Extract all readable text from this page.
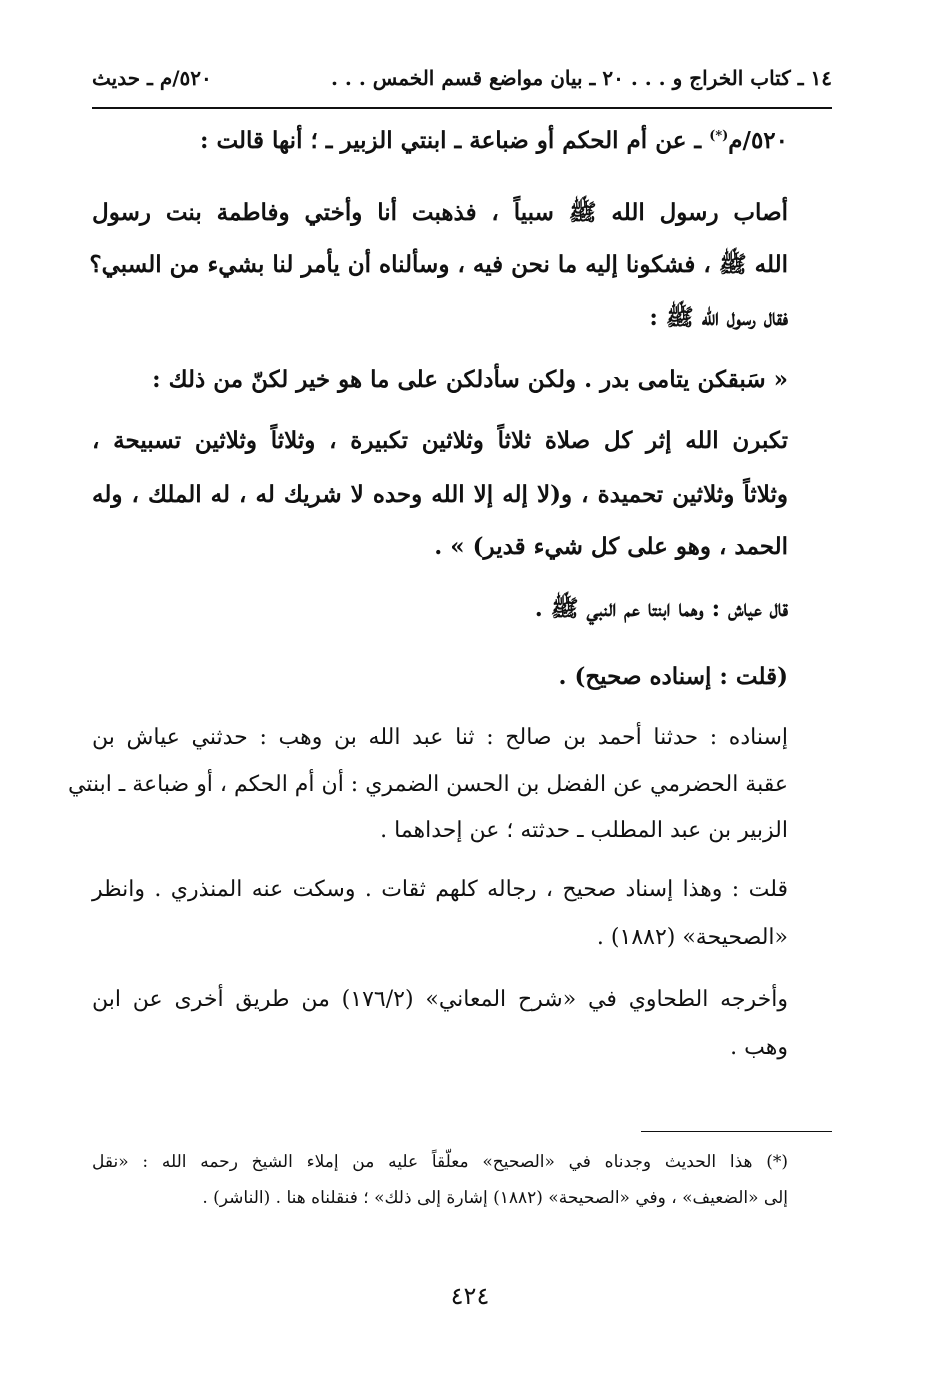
١٤ ـ كتاب الخراج و . . . ٢٠ ـ بيان مواضع قسم الخمس . . .
٥٢٠/م ـ حديث

٥٢٠/م(*) ـ عن أم الحكم أو ضباعة ـ ابنتي الزبير ـ ؛ أنها قالت :

أصاب رسول الله ﷺ سبياً ، فذهبت أنا وأختي وفاطمة بنت رسول

الله ﷺ ، فشكونا إليه ما نحن فيه ، وسألناه أن يأمر لنا بشيء من السبي؟

فقال رسول الله ﷺ :

« سَبقكن يتامى بدر . ولكن سأدلكن على ما هو خير لكنّ من ذلك :

تكبرن الله إثر كل صلاة ثلاثاً وثلاثين تكبيرة ، وثلاثاً وثلاثين تسبيحة ،

وثلاثاً وثلاثين تحميدة ، و(لا إله إلا الله وحده لا شريك له ، له الملك ، وله

الحمد ، وهو على كل شيء قدير) » .

قال عياش : وهما ابنتا عم النبي ﷺ .

(قلت : إسناده صحيح) .

إسناده : حدثنا أحمد بن صالح : ثنا عبد الله بن وهب : حدثني عياش بن

عقبة الحضرمي عن الفضل بن الحسن الضمري : أن أم الحكم ، أو ضباعة ـ ابنتي

الزبير بن عبد المطلب ـ حدثته ؛ عن إحداهما .

قلت : وهذا إسناد صحيح ، رجاله كلهم ثقات . وسكت عنه المنذري . وانظر

«الصحيحة» (١٨٨٢) .

وأخرجه الطحاوي في «شرح المعاني» (١٧٦/٢) من طريق أخرى عن ابن

وهب .

(*) هذا الحديث وجدناه في «الصحيح» معلّقاً عليه من إملاء الشيخ رحمه الله : «نقل

إلى «الضعيف» ، وفي «الصحيحة» (١٨٨٢) إشارة إلى ذلك» ؛ فنقلناه هنا . (الناشر) .

٤٢٤
